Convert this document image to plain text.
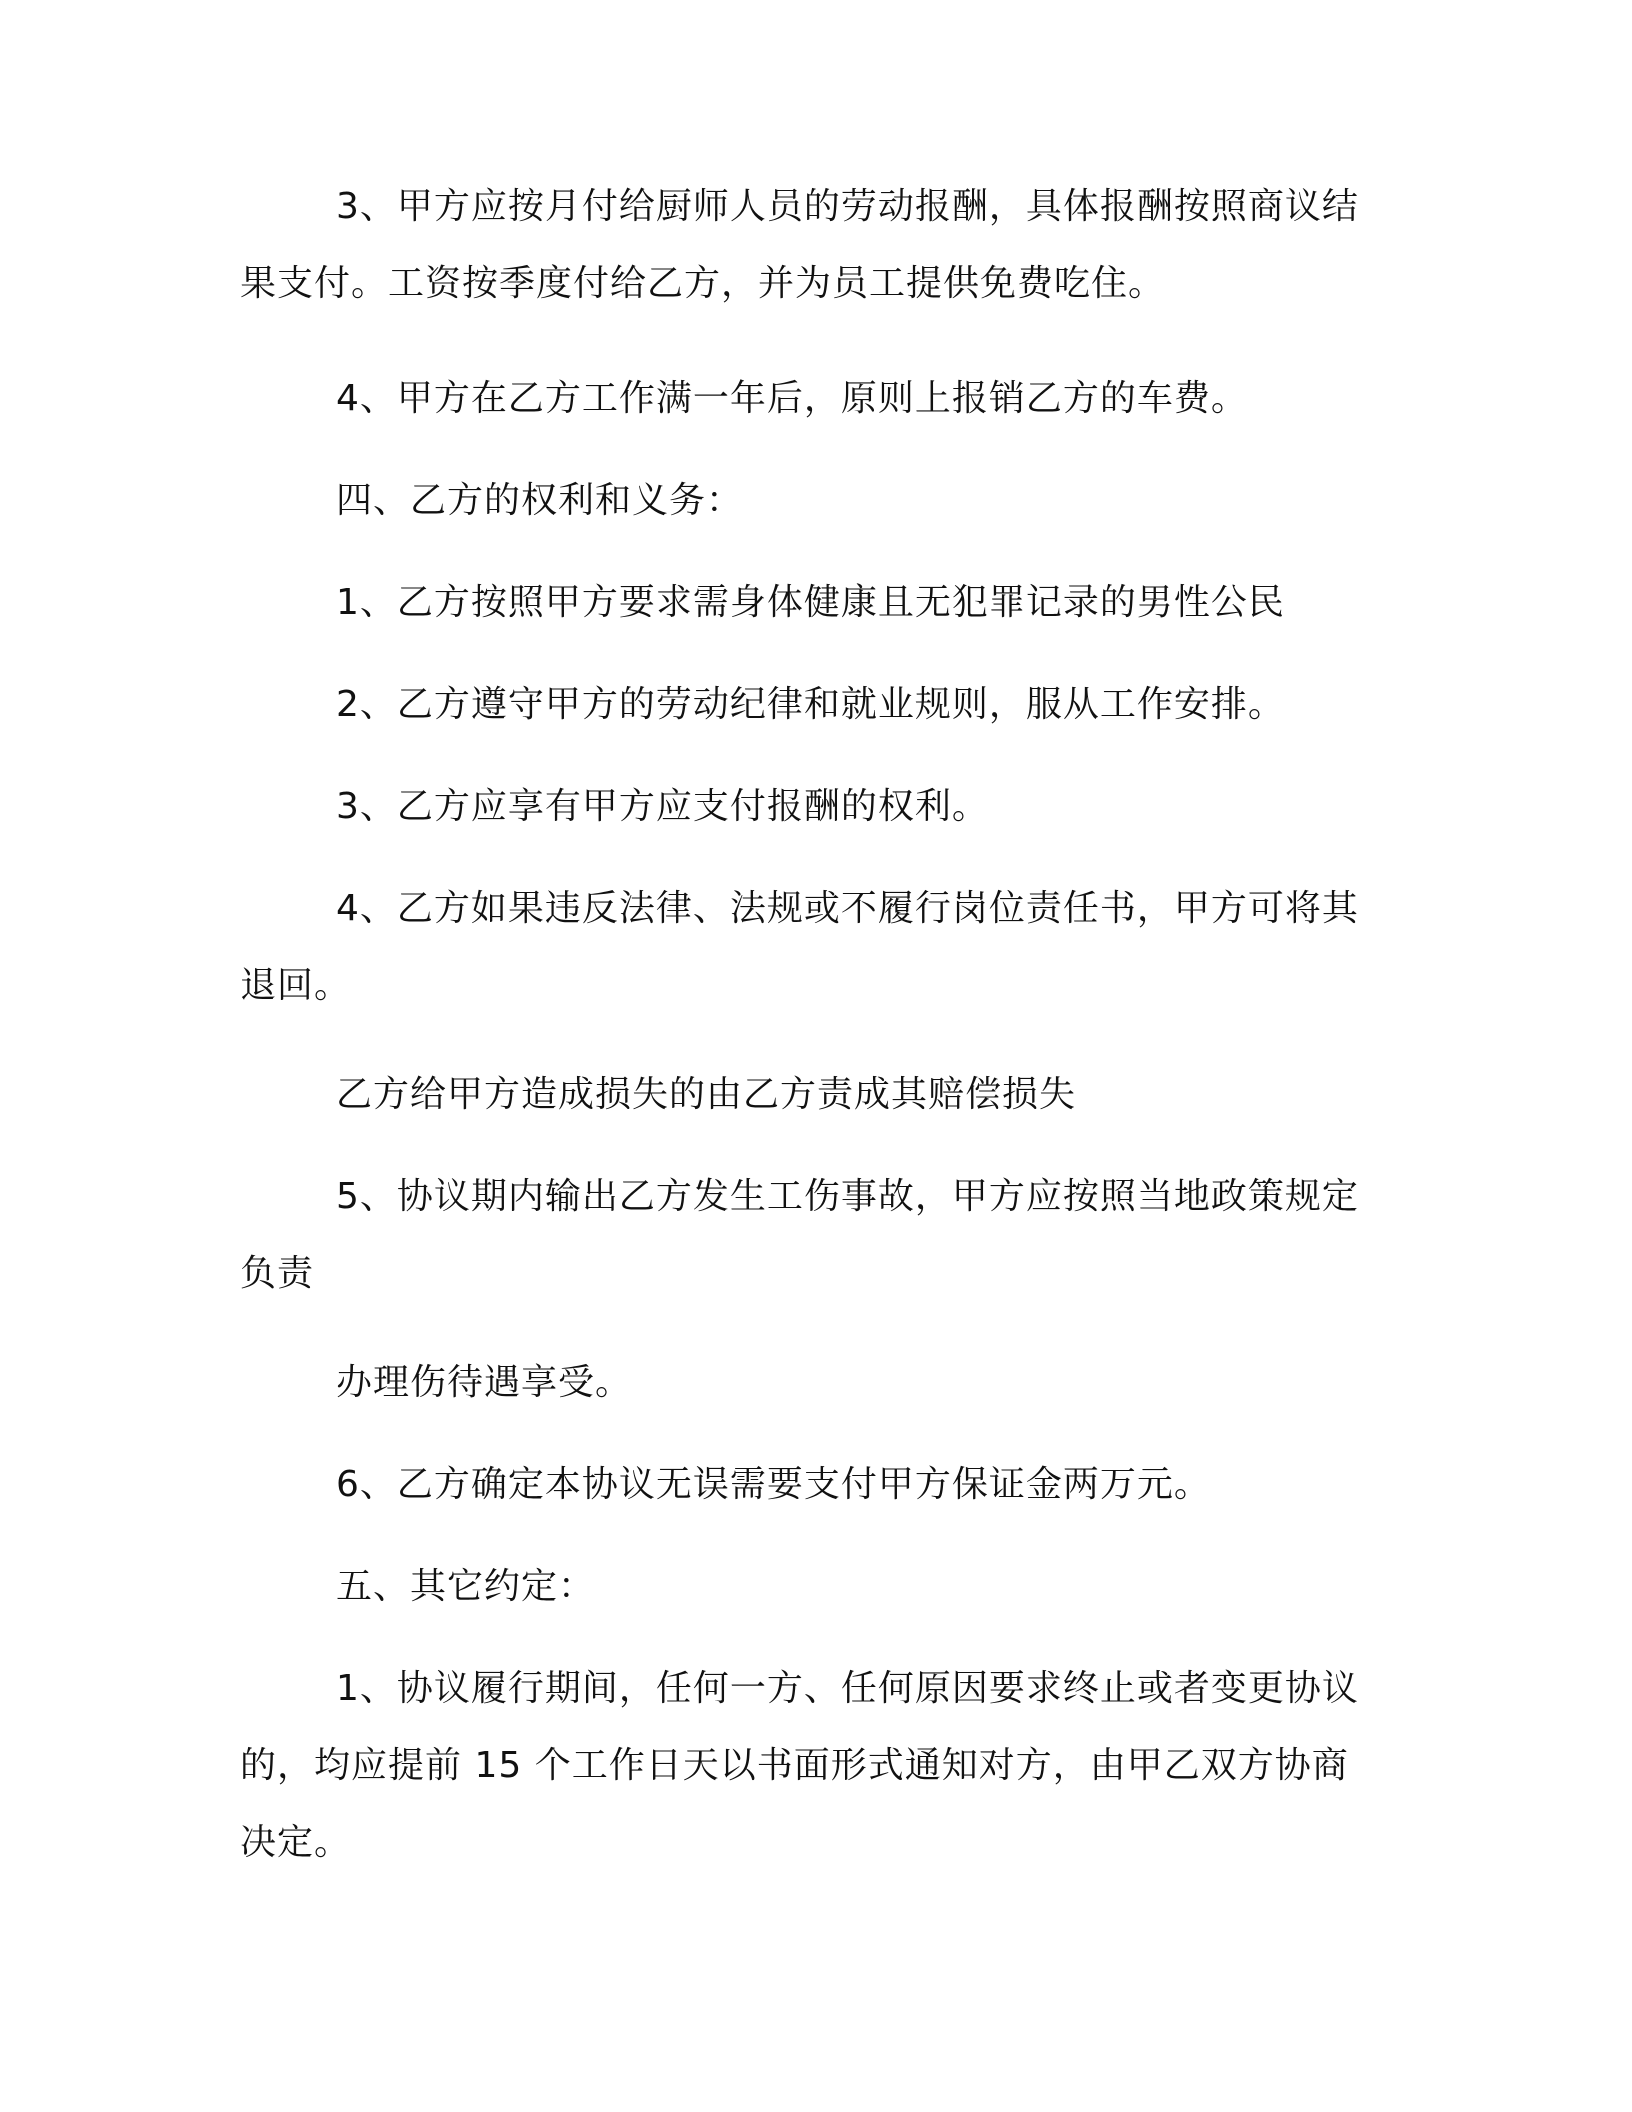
3、甲方应按月付给厨师人员的劳动报酬，具体报酬按照商议结果支付。工资按季度付给乙方，并为员工提供免费吃住。

4、甲方在乙方工作满一年后，原则上报销乙方的车费。

四、乙方的权利和义务：

1、乙方按照甲方要求需身体健康且无犯罪记录的男性公民

2、乙方遵守甲方的劳动纪律和就业规则，服从工作安排。

3、乙方应享有甲方应支付报酬的权利。

4、乙方如果违反法律、法规或不履行岗位责任书，甲方可将其退回。

乙方给甲方造成损失的由乙方责成其赔偿损失

5、协议期内输出乙方发生工伤事故，甲方应按照当地政策规定负责

办理伤待遇享受。

6、乙方确定本协议无误需要支付甲方保证金两万元。

五、其它约定：

1、协议履行期间，任何一方、任何原因要求终止或者变更协议的，均应提前 15 个工作日天以书面形式通知对方，由甲乙双方协商决定。
